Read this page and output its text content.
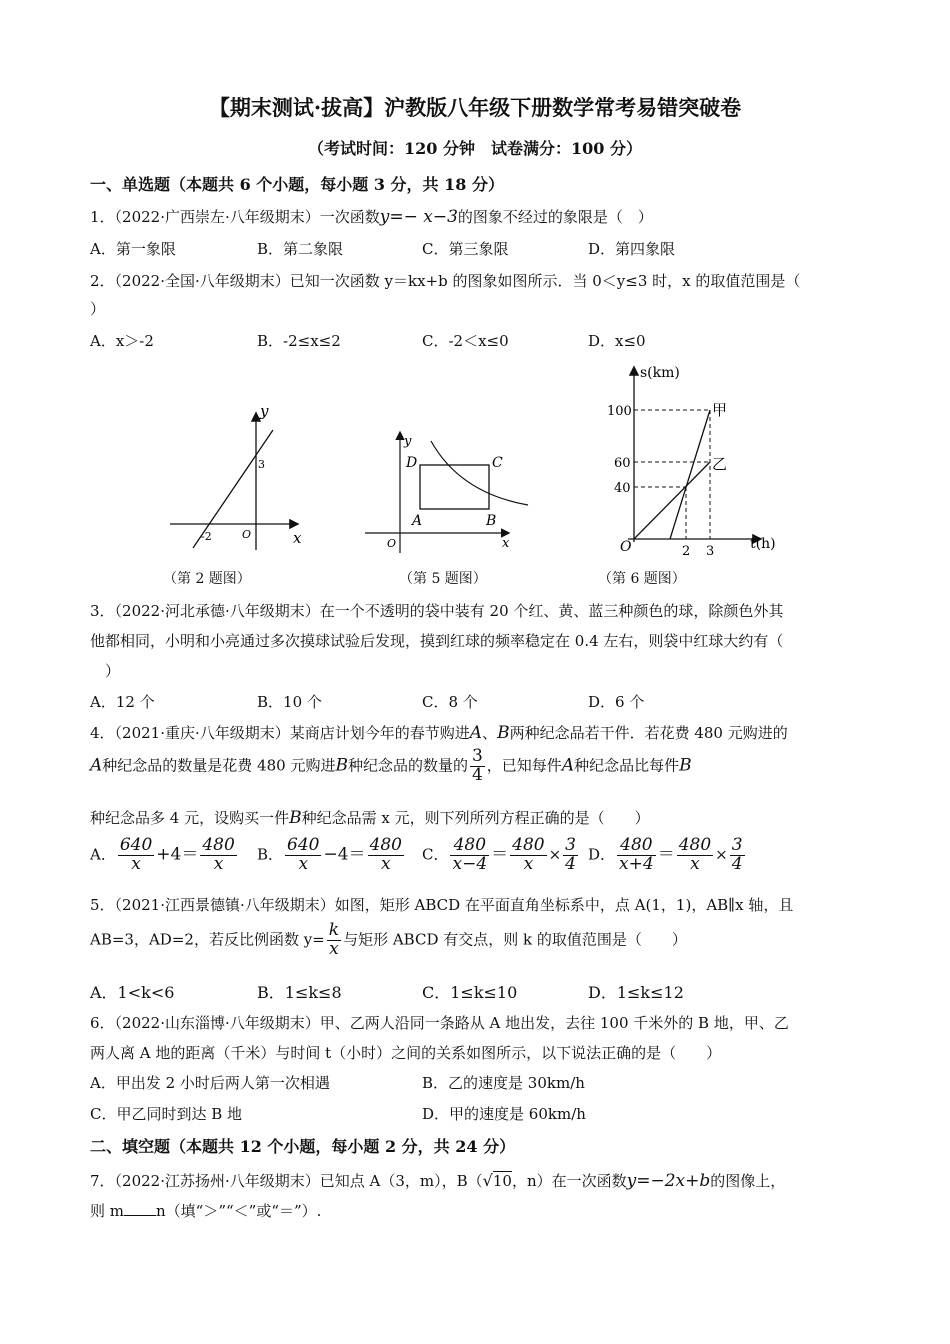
【期末测试·拔高】沪教版八年级下册数学常考易错突破卷
（考试时间：120 分钟　试卷满分：100 分）
一、单选题（本题共 6 个小题，每小题 3 分，共 18 分）
1．（2022·广西崇左·八年级期末）一次函数y=− x−3的图象不经过的象限是（　）
A．第一象限	B．第二象限	C．第三象限	D．第四象限
2．（2022·全国·八年级期末）已知一次函数 y＝kx+b 的图象如图所示．当 0＜y≤3 时，x 的取值范围是（
）
A．x＞-2	B．-2≤x≤2	C．-2＜x≤0	D．x≤0
y
x
3
-2	O
（第 2 题图）
y
x
D	C
A	B
O
（第 5 题图）
s(km)
t(h)
100
60
40
O	2 3
甲
乙
（第 6 题图）
3．（2022·河北承德·八年级期末）在一个不透明的袋中装有 20 个红、黄、蓝三种颜色的球，除颜色外其
他都相同，小明和小亮通过多次摸球试验后发现，摸到红球的频率稳定在 0.4 左右，则袋中红球大约有（
　）
A．12 个	B．10 个	C．8 个	D．6 个
4．（2021·重庆·八年级期末）某商店计划今年的春节购进A、B两种纪念品若干件．若花费 480 元购进的
A种纪念品的数量是花费 480 元购进B种纪念品的数量的 $\frac{3}{4}$ ，已知每件A种纪念品比每件B
种纪念品多 4 元，设购买一件B种纪念品需 x 元，则下列所列方程正确的是（　　）
A． $\frac{640}{x} +4= \frac{480}{x}$ B． $\frac{640}{x} -4= \frac{480}{x}$ C． $\frac{480}{x-4} = \frac{480}{x} \times \frac{3}{4}$ D． $\frac{480}{x+4} = \frac{480}{x} \times \frac{3}{4}$
5．（2021·江西景德镇·八年级期末）如图，矩形 ABCD 在平面直角坐标系中，点 A(1，1)，AB∥x 轴，且
AB=3，AD=2，若反比例函数 $y= \frac{k}{x}$ 与矩形 ABCD 有交点，则 k 的取值范围是（　　）
A．1<k<6	B．1≤k≤8	C．1≤k≤10	D．1≤k≤12
6．（2022·山东淄博·八年级期末）甲、乙两人沿同一条路从 A 地出发，去往 100 千米外的 B 地，甲、乙
两人离 A 地的距离（千米）与时间 t（小时）之间的关系如图所示，以下说法正确的是（　　）
A．甲出发 2 小时后两人第一次相遇	B．乙的速度是 30km/h
C．甲乙同时到达 B 地	D．甲的速度是 60km/h
二、填空题（本题共 12 个小题，每小题 2 分，共 24 分）
7．（2022·江苏扬州·八年级期末）已知点 A（3，m），B（√10，n）在一次函数y=−2x+b的图像上，
则 m n（填“＞”“＜”或“＝”）.
